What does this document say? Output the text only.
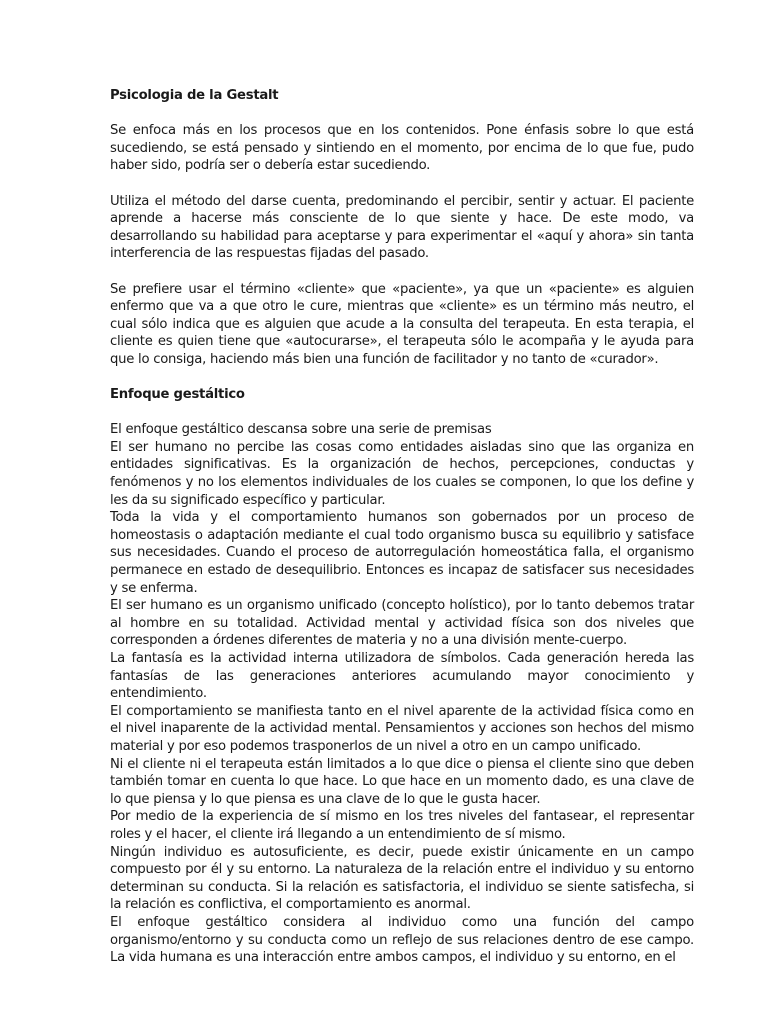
Psicologia de la Gestalt

Se enfoca más en los procesos que en los contenidos. Pone énfasis sobre lo que está sucediendo, se está pensado y sintiendo en el momento, por encima de lo que fue, pudo haber sido, podría ser o debería estar sucediendo.

Utiliza el método del darse cuenta, predominando el percibir, sentir y actuar. El paciente aprende a hacerse más consciente de lo que siente y hace. De este modo, va desarrollando su habilidad para aceptarse y para experimentar el «aquí y ahora» sin tanta interferencia de las respuestas fijadas del pasado.

Se prefiere usar el término «cliente» que «paciente», ya que un «paciente» es alguien enfermo que va a que otro le cure, mientras que «cliente» es un término más neutro, el cual sólo indica que es alguien que acude a la consulta del terapeuta. En esta terapia, el cliente es quien tiene que «autocurarse», el terapeuta sólo le acompaña y le ayuda para que lo consiga, haciendo más bien una función de facilitador y no tanto de «curador».

Enfoque gestáltico

El enfoque gestáltico descansa sobre una serie de premisas

El ser humano no percibe las cosas como entidades aisladas sino que las organiza en entidades significativas. Es la organización de hechos, percepciones, conductas y fenómenos y no los elementos individuales de los cuales se componen, lo que los define y les da su significado específico y particular.

Toda la vida y el comportamiento humanos son gobernados por un proceso de homeostasis o adaptación mediante el cual todo organismo busca su equilibrio y satisface sus necesidades. Cuando el proceso de autorregulación homeostática falla, el organismo permanece en estado de desequilibrio. Entonces es incapaz de satisfacer sus necesidades y se enferma.

El ser humano es un organismo unificado (concepto holístico), por lo tanto debemos tratar al hombre en su totalidad. Actividad mental y actividad física son dos niveles que corresponden a órdenes diferentes de materia y no a una división mente-cuerpo.

La fantasía es la actividad interna utilizadora de símbolos. Cada generación hereda las fantasías de las generaciones anteriores acumulando mayor conocimiento y entendimiento.

El comportamiento se manifiesta tanto en el nivel aparente de la actividad física como en el nivel inaparente de la actividad mental. Pensamientos y acciones son hechos del mismo material y por eso podemos trasponerlos de un nivel a otro en un campo unificado.

Ni el cliente ni el terapeuta están limitados a lo que dice o piensa el cliente sino que deben también tomar en cuenta lo que hace. Lo que hace en un momento dado, es una clave de lo que piensa y lo que piensa es una clave de lo que le gusta hacer.

Por medio de la experiencia de sí mismo en los tres niveles del fantasear, el representar roles y el hacer, el cliente irá llegando a un entendimiento de sí mismo.

Ningún individuo es autosuficiente, es decir, puede existir únicamente en un campo compuesto por él y su entorno. La naturaleza de la relación entre el individuo y su entorno determinan su conducta. Si la relación es satisfactoria, el individuo se siente satisfecha, si la relación es conflictiva, el comportamiento es anormal.

El enfoque gestáltico considera al individuo como una función del campo organismo/entorno y su conducta como un reflejo de sus relaciones dentro de ese campo. La vida humana es una interacción entre ambos campos, el individuo y su entorno, en el
